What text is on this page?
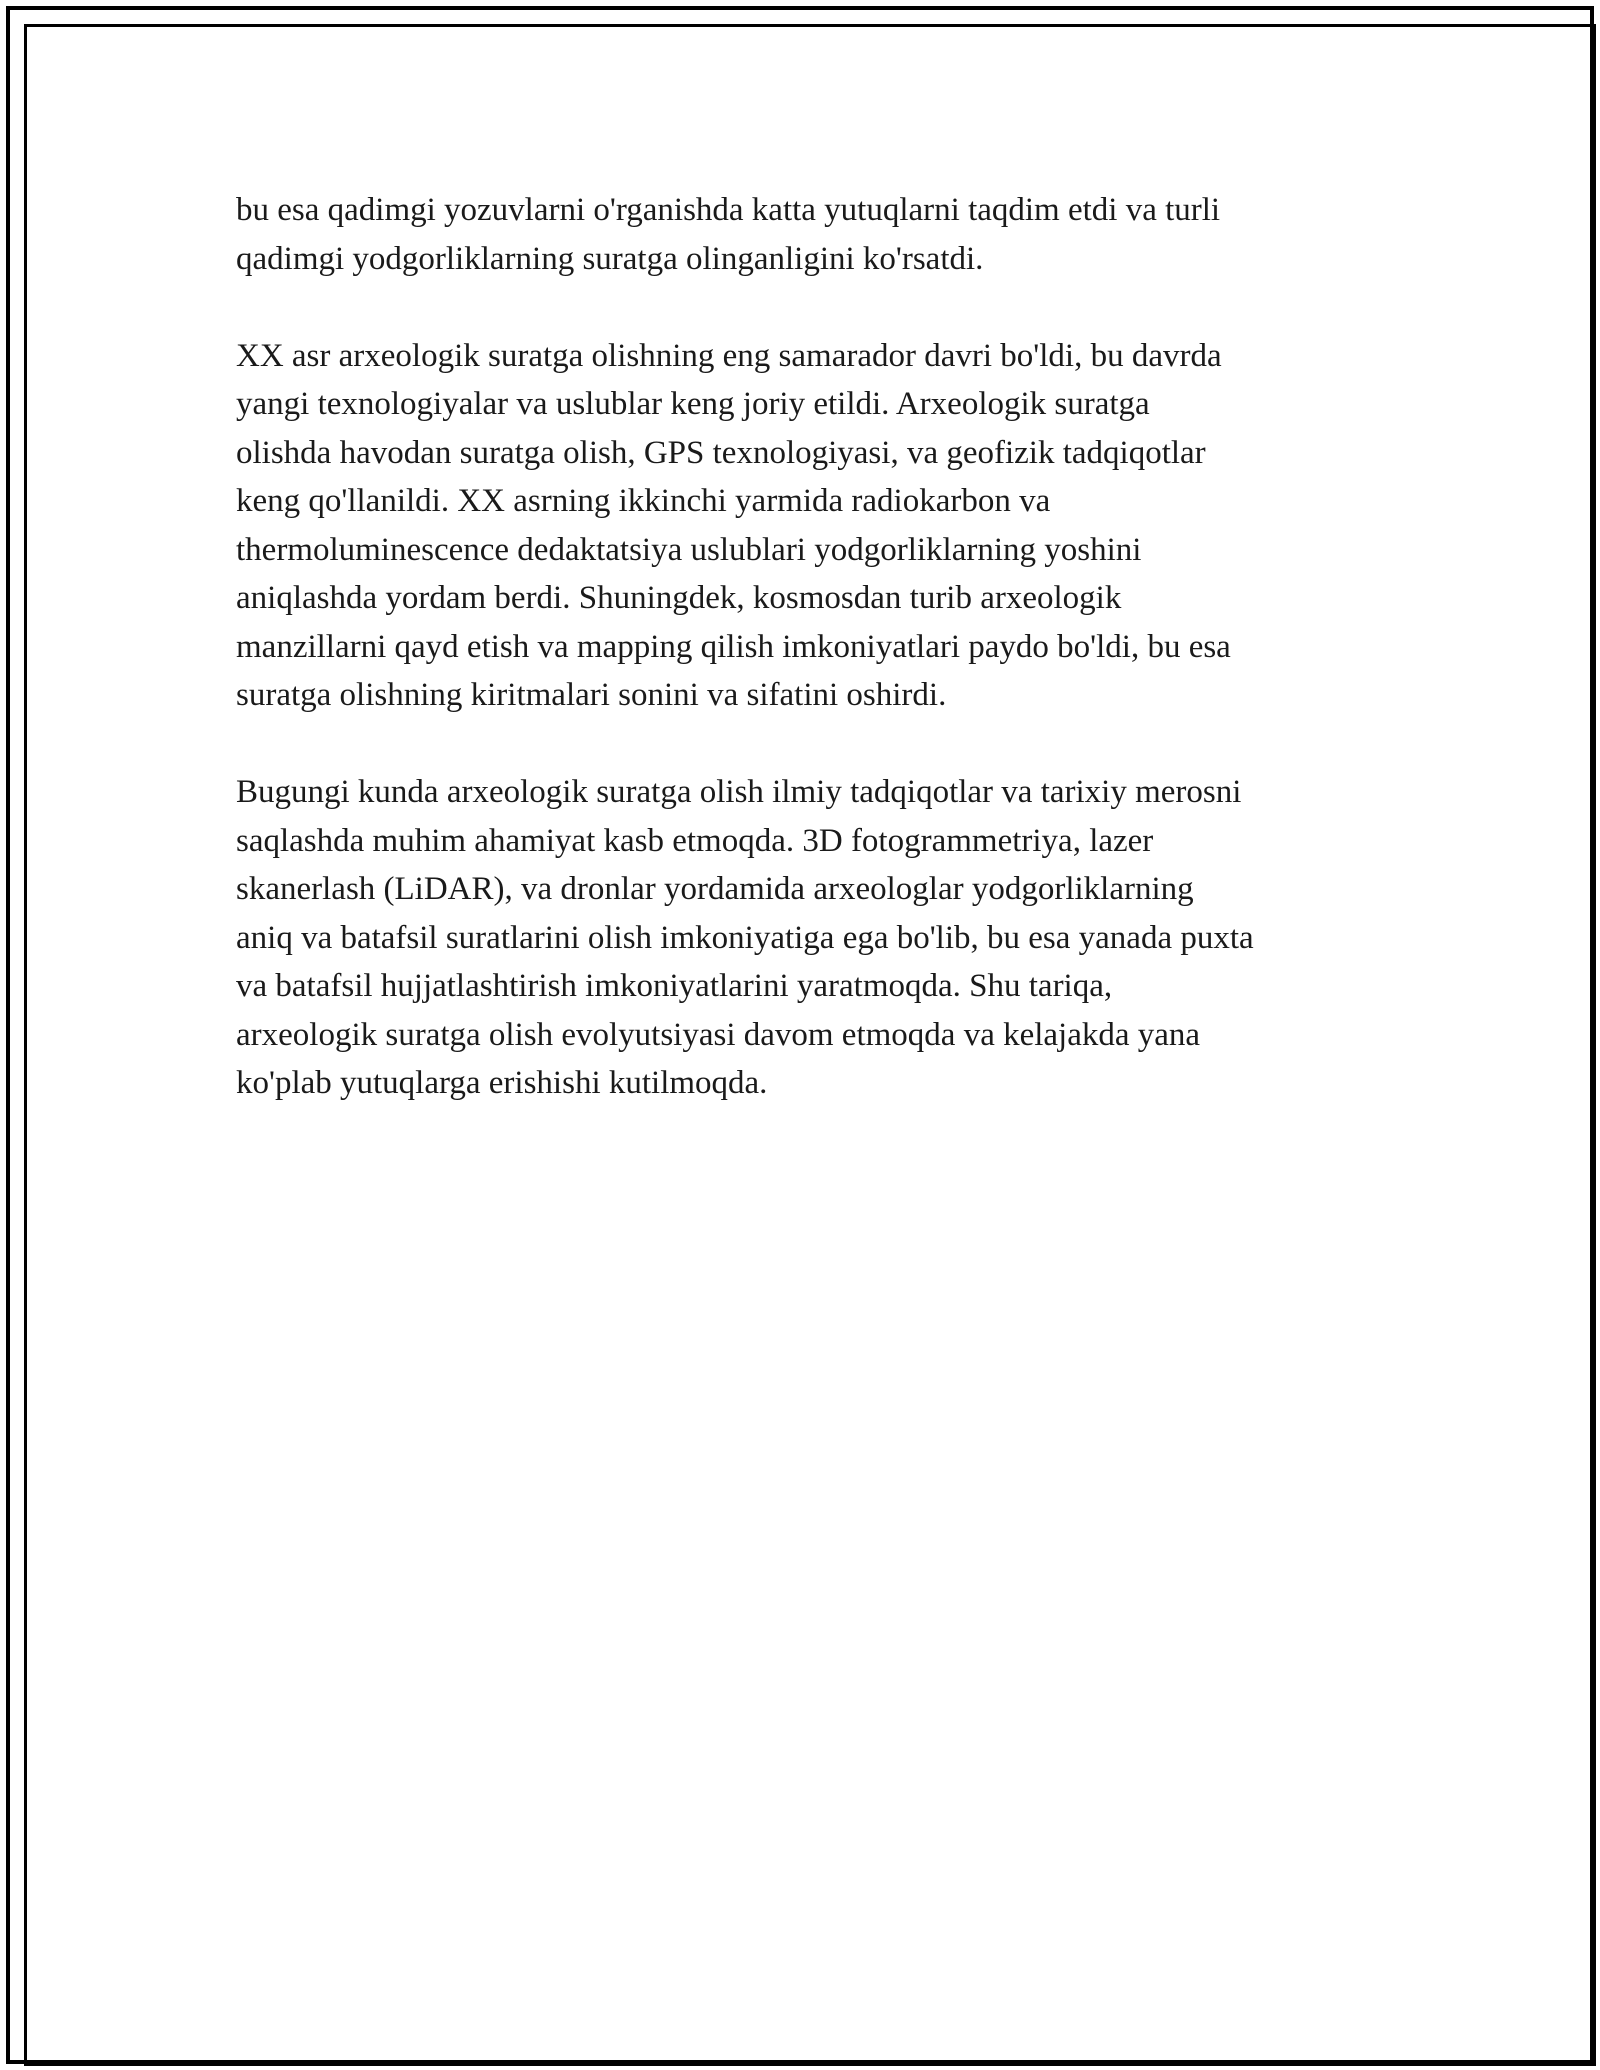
bu esa qadimgi yozuvlarni o'rganishda katta yutuqlarni taqdim etdi va turli
qadimgi yodgorliklarning suratga olinganligini ko'rsatdi.

XX asr arxeologik suratga olishning eng samarador davri bo'ldi, bu davrda
yangi texnologiyalar va uslublar keng joriy etildi. Arxeologik suratga
olishda havodan suratga olish, GPS texnologiyasi, va geofizik tadqiqotlar
keng qo'llanildi. XX asrning ikkinchi yarmida radiokarbon va
thermoluminescence dedaktatsiya uslublari yodgorliklarning yoshini
aniqlashda yordam berdi. Shuningdek, kosmosdan turib arxeologik
manzillarni qayd etish va mapping qilish imkoniyatlari paydo bo'ldi, bu esa
suratga olishning kiritmalari sonini va sifatini oshirdi.

Bugungi kunda arxeologik suratga olish ilmiy tadqiqotlar va tarixiy merosni
saqlashda muhim ahamiyat kasb etmoqda. 3D fotogrammetriya, lazer
skanerlash (LiDAR), va dronlar yordamida arxeologlar yodgorliklarning
aniq va batafsil suratlarini olish imkoniyatiga ega bo'lib, bu esa yanada puxta
va batafsil hujjatlashtirish imkoniyatlarini yaratmoqda. Shu tariqa,
arxeologik suratga olish evolyutsiyasi davom etmoqda va kelajakda yana
ko'plab yutuqlarga erishishi kutilmoqda.
